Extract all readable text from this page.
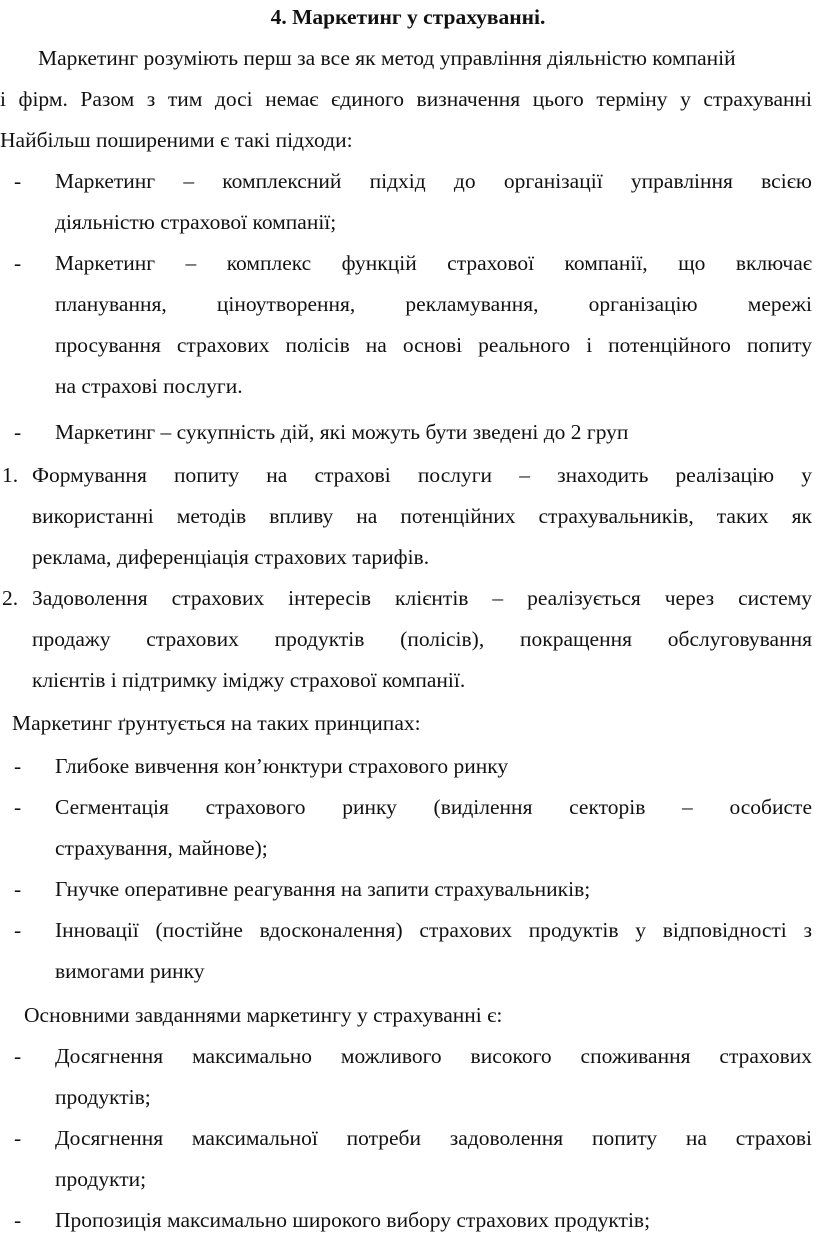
4. Маркетинг у страхуванні.
Маркетинг розуміють перш за все як метод управління діяльністю компаній
і фірм. Разом з тим досі немає єдиного визначення цього терміну у страхуванні
Найбільш поширеними є такі підходи:
- Маркетинг – комплексний підхід до організації управління всією
діяльністю страхової компанії;
- Маркетинг – комплекс функцій страхової компанії, що включає
планування, ціноутворення, рекламування, організацію мережі
просування страхових полісів на основі реального і потенційного попиту
на страхові послуги.
- Маркетинг – сукупність дій, які можуть бути зведені до 2 груп
1. Формування попиту на страхові послуги – знаходить реалізацію у
використанні методів впливу на потенційних страхувальників, таких як
реклама, диференціація страхових тарифів.
2. Задоволення страхових інтересів клієнтів – реалізується через систему
продажу страхових продуктів (полісів), покращення обслуговування
клієнтів і підтримку іміджу страхової компанії.
Маркетинг ґрунтується на таких принципах:
- Глибоке вивчення кон’юнктури страхового ринку
- Сегментація страхового ринку (виділення секторів – особисте
страхування, майнове);
- Гнучке оперативне реагування на запити страхувальників;
- Інновації (постійне вдосконалення) страхових продуктів у відповідності з
вимогами ринку
Основними завданнями маркетингу у страхуванні є:
- Досягнення максимально можливого високого споживання страхових
продуктів;
- Досягнення максимальної потреби задоволення попиту на страхові
продукти;
- Пропозиція максимально широкого вибору страхових продуктів;
